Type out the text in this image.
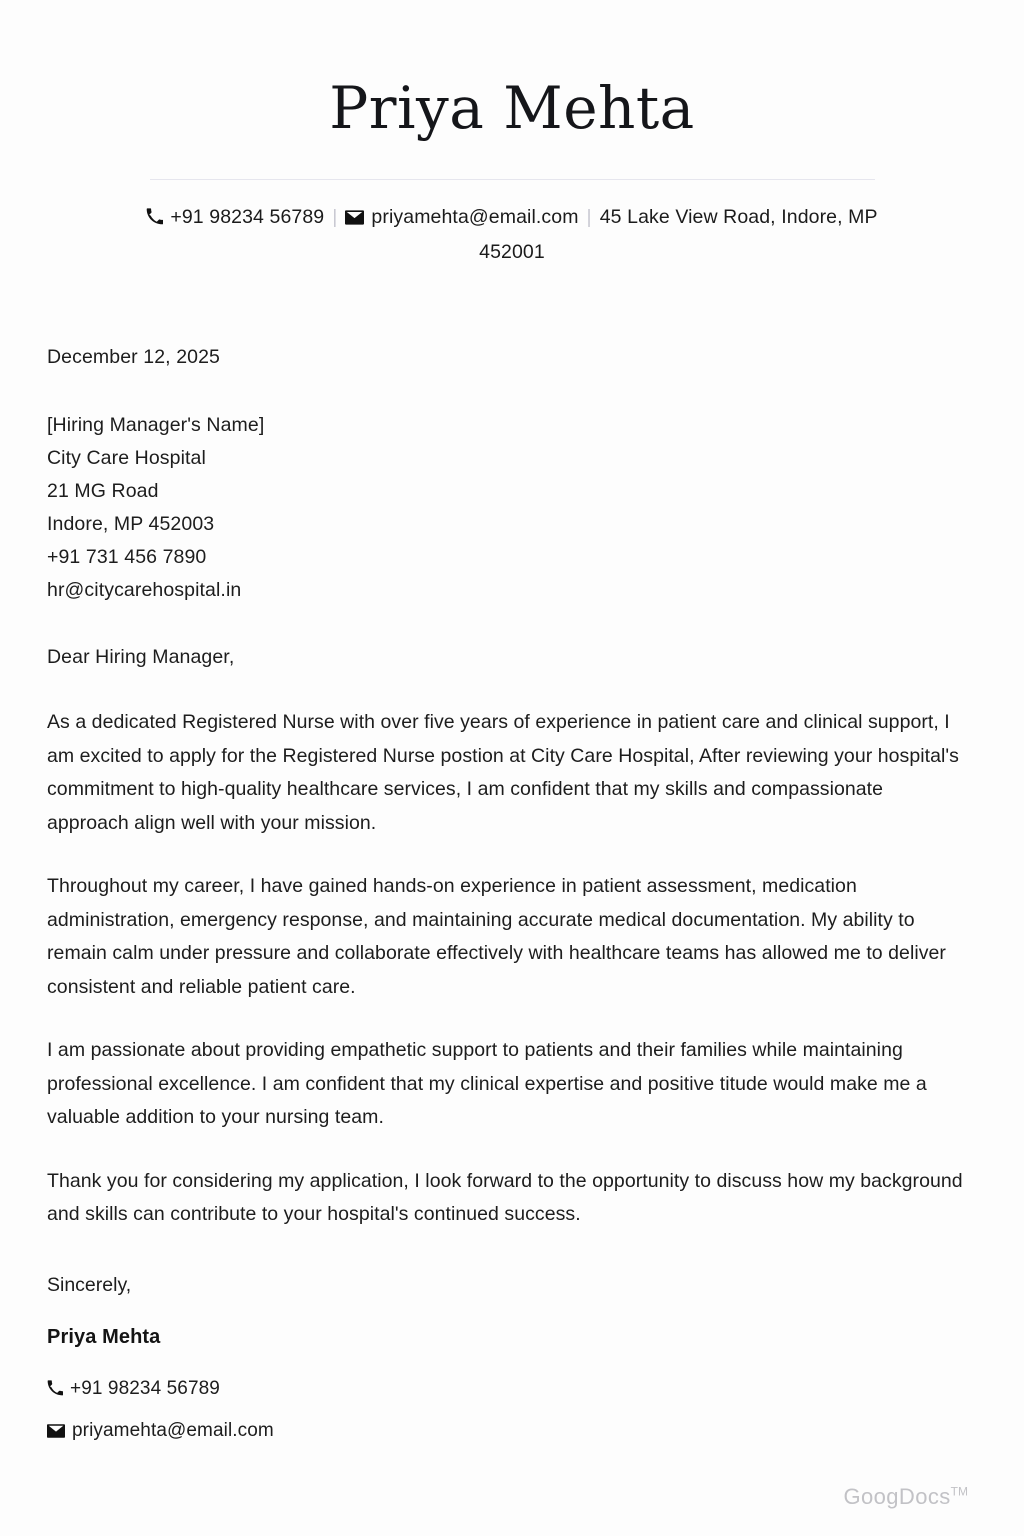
Priya Mehta
+91 98234 56789 | priyamehta@email.com | 45 Lake View Road, Indore, MP 452001
December 12, 2025
[Hiring Manager's Name]
City Care Hospital
21 MG Road
Indore, MP 452003
+91 731 456 7890
hr@citycarehospital.in
Dear Hiring Manager,

As a dedicated Registered Nurse with over five years of experience in patient care and clinical support, I am excited to apply for the Registered Nurse postion at City Care Hospital, After reviewing your hospital's commitment to high-quality healthcare services, I am confident that my skills and compassionate approach align well with your mission.

Throughout my career, I have gained hands-on experience in patient assessment, medication administration, emergency response, and maintaining accurate medical documentation. My ability to remain calm under pressure and collaborate effectively with healthcare teams has allowed me to deliver consistent and reliable patient care.

I am passionate about providing empathetic support to patients and their families while maintaining professional excellence. I am confident that my clinical expertise and positive titude would make me a valuable addition to your nursing team.

Thank you for considering my application, I look forward to the opportunity to discuss how my background and skills can contribute to your hospital's continued success.

Sincerely,
Priya Mehta
+91 98234 56789
priyamehta@email.com
GoogDocs™
